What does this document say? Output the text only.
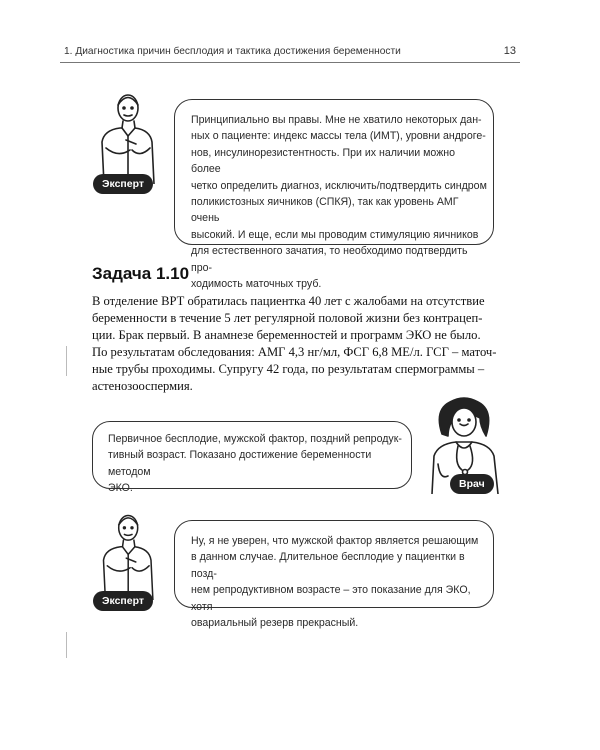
1. Диагностика причин бесплодия и тактика достижения беременности	13
Эксперт
Принципиально вы правы. Мне не хватило некоторых дан-
ных о пациенте: индекс массы тела (ИМТ), уровни андроге-
нов, инсулинорезистентность. При их наличии можно более
четко определить диагноз, исключить/подтвердить синдром
поликистозных яичников (СПКЯ), так как уровень АМГ очень
высокий. И еще, если мы проводим стимуляцию яичников
для естественного зачатия, то необходимо подтвердить про-
ходимость маточных труб.
Задача 1.10
В отделение ВРТ обратилась пациентка 40 лет с жалобами на отсутствие
беременности в течение 5 лет регулярной половой жизни без контрацеп-
ции. Брак первый. В анамнезе беременностей и программ ЭКО не было.
По результатам обследования: АМГ 4,3 нг/мл, ФСГ 6,8 МЕ/л. ГСГ – маточ-
ные трубы проходимы. Супругу 42 года, по результатам спермограммы –
астенозооспермия.
Первичное бесплодие, мужской фактор, поздний репродук-
тивный возраст. Показано достижение беременности методом
ЭКО.	Врач
Эксперт
Ну, я не уверен, что мужской фактор является решающим
в данном случае. Длительное бесплодие у пациентки в позд-
нем репродуктивном возрасте – это показание для ЭКО, хотя
овариальный резерв прекрасный.
